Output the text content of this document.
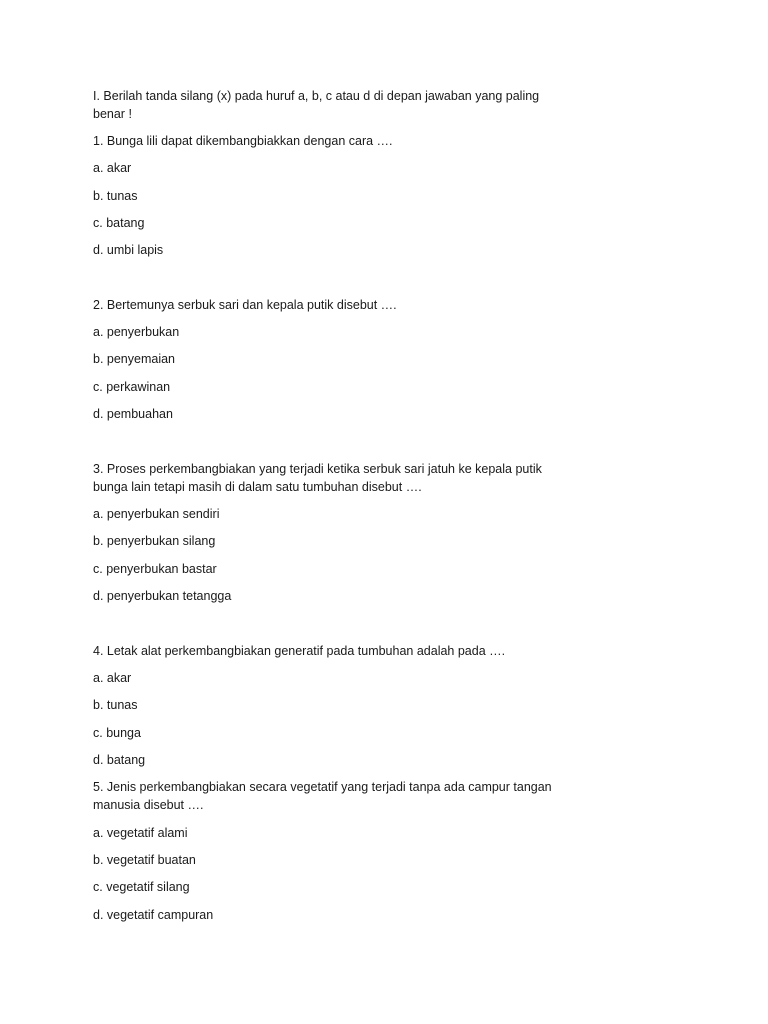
I. Berilah tanda silang (x) pada huruf a, b, c atau d di depan jawaban yang paling

benar !

1. Bunga lili dapat dikembangbiakkan dengan cara ….

a. akar

b. tunas

c. batang

d. umbi lapis

2. Bertemunya serbuk sari dan kepala putik disebut ….

a. penyerbukan

b. penyemaian

c. perkawinan

d. pembuahan

3. Proses perkembangbiakan yang terjadi ketika serbuk sari jatuh ke kepala putik

bunga lain tetapi masih di dalam satu tumbuhan disebut ….

a. penyerbukan sendiri

b. penyerbukan silang

c. penyerbukan bastar

d. penyerbukan tetangga

4. Letak alat perkembangbiakan generatif pada tumbuhan adalah pada ….

a. akar

b. tunas

c. bunga

d. batang

5. Jenis perkembangbiakan secara vegetatif yang terjadi tanpa ada campur tangan

manusia disebut ….

a. vegetatif alami

b. vegetatif buatan

c. vegetatif silang

d. vegetatif campuran
